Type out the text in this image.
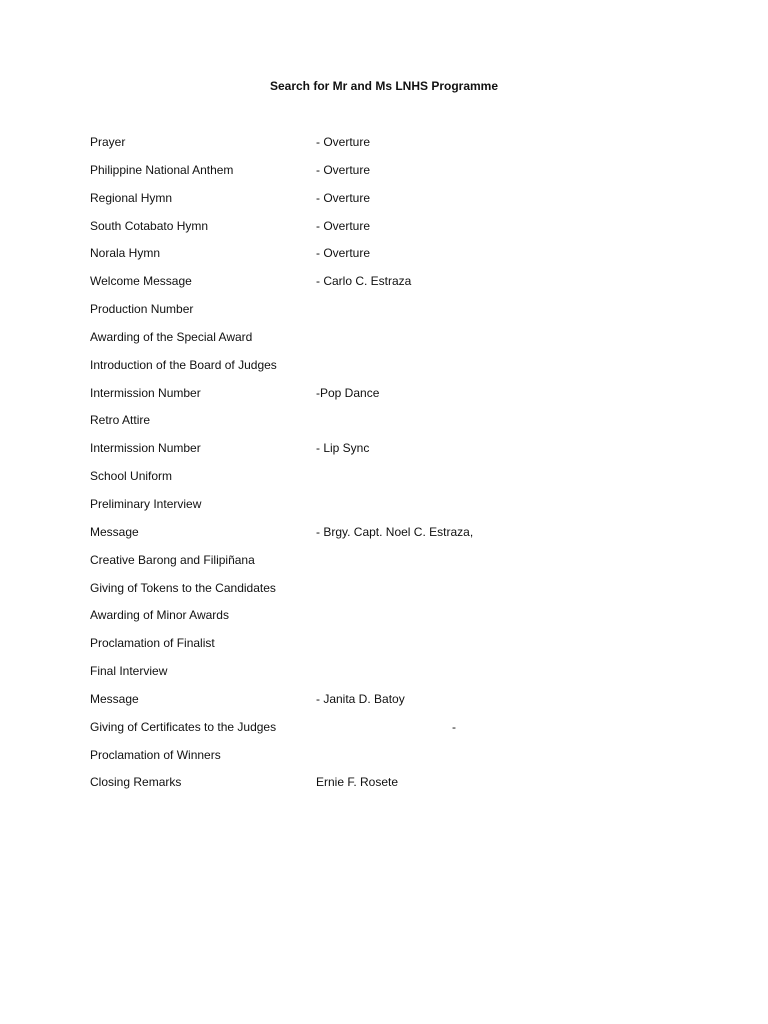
Search for Mr and Ms LNHS Programme
Prayer	- Overture
Philippine National Anthem	- Overture
Regional Hymn	- Overture
South Cotabato Hymn	- Overture
Norala Hymn	- Overture
Welcome Message	- Carlo C. Estraza
Production Number
Awarding of the Special Award
Introduction of the Board of Judges
Intermission Number	-Pop Dance
Retro Attire
Intermission Number	- Lip Sync
School Uniform
Preliminary Interview
Message	- Brgy. Capt. Noel C. Estraza,
Creative Barong and Filipiñana
Giving of Tokens to the Candidates
Awarding of Minor Awards
Proclamation of Finalist
Final Interview
Message	- Janita D. Batoy
Giving of Certificates to the Judges	-
Proclamation of Winners
Closing Remarks	Ernie F. Rosete
